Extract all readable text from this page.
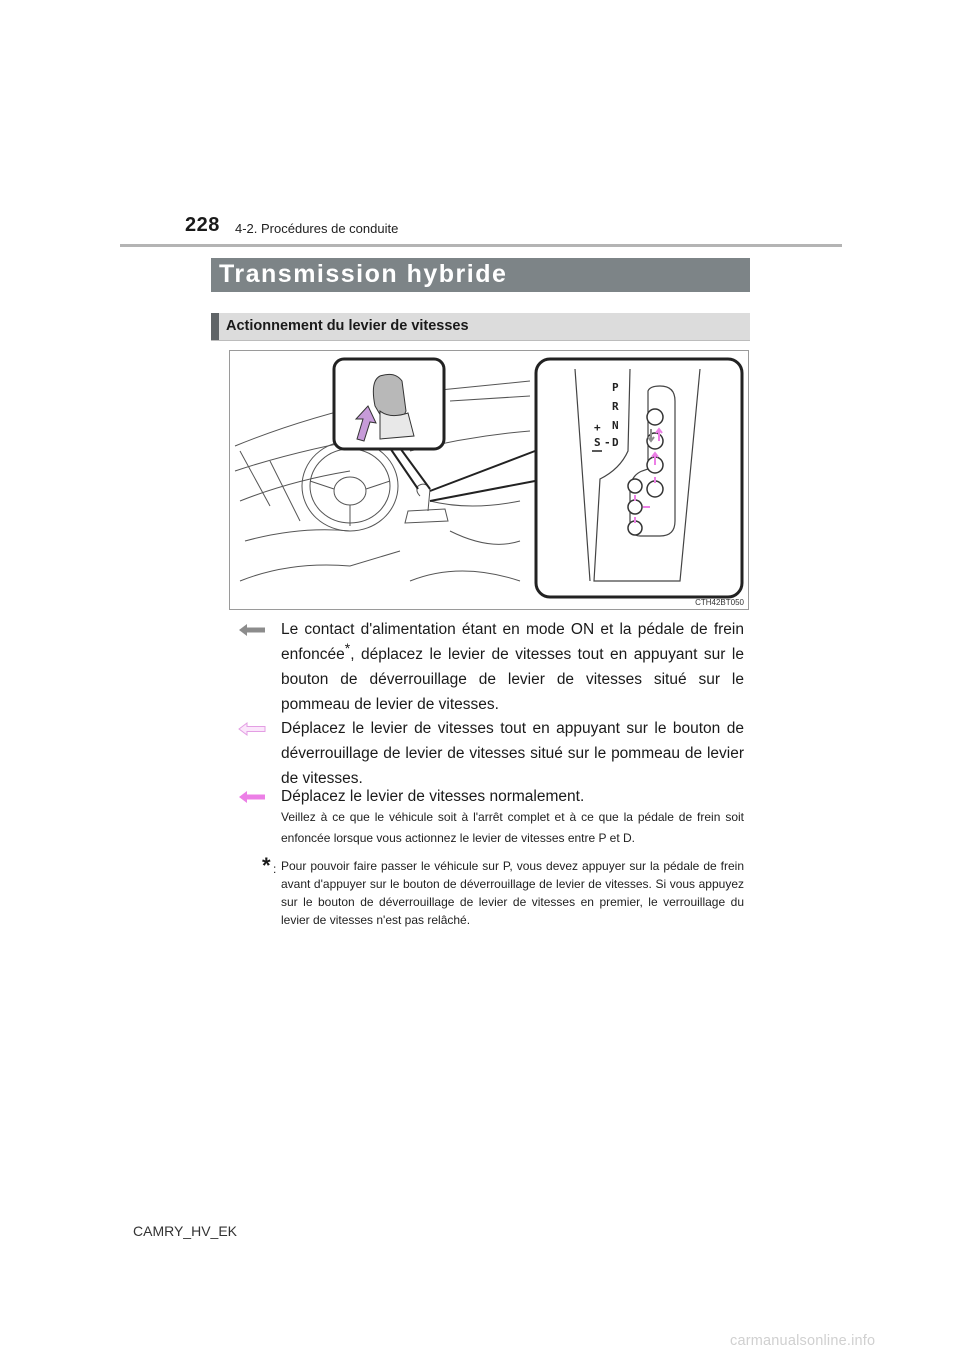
228 4-2. Procédures de conduite
Transmission hybride
Actionnement du levier de vitesses
P
R
N
D
S
+
-
CTH42BT050
Le contact d'alimentation étant en mode ON et la pédale de frein enfoncée*, déplacez le levier de vitesses tout en appuyant sur le bouton de déverrouillage de levier de vitesses situé sur le pommeau de levier de vitesses.
Déplacez le levier de vitesses tout en appuyant sur le bouton de déverrouillage de levier de vitesses situé sur le pommeau de levier de vitesses.
Déplacez le levier de vitesses normalement.
Veillez à ce que le véhicule soit à l'arrêt complet et à ce que la pédale de frein soit enfoncée lorsque vous actionnez le levier de vitesses entre P et D.
* : Pour pouvoir faire passer le véhicule sur P, vous devez appuyer sur la pédale de frein avant d'appuyer sur le bouton de déverrouillage de levier de vitesses. Si vous appuyez sur le bouton de déverrouillage de levier de vitesses en premier, le verrouillage du levier de vitesses n'est pas relâché.
CAMRY_HV_EK
carmanualsonline.info
